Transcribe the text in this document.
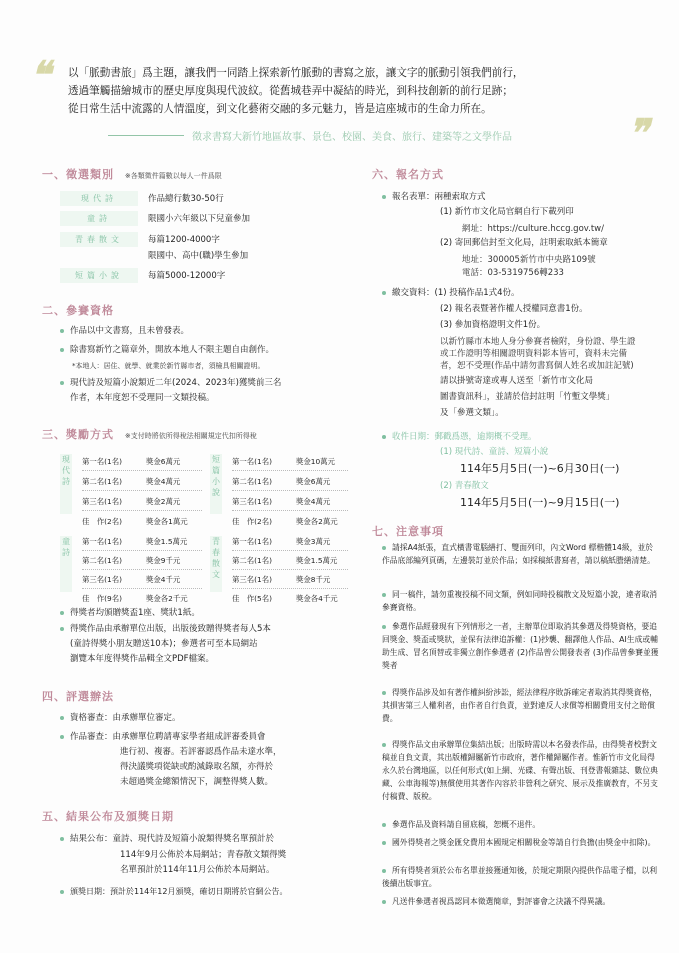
❝
❞
以「脈動書旅」爲主題，讓我們一同踏上探索新竹脈動的書寫之旅，讓文字的脈動引領我們前行，
透過筆觸描繪城市的歷史厚度與現代波紋。從舊城巷弄中凝結的時光，到科技創新的前行足跡；
從日常生活中流露的人情溫度，到文化藝術交融的多元魅力，皆是這座城市的生命力所在。
徵求書寫大新竹地區故事、景色、校園、美食、旅行、建築等之文學作品
一、徵選類別 ※各類徵件篇數以每人一件爲限
現代詩	作品總行數30-50行
童詩	限國小六年級以下兒童參加
青春散文	每篇1200-4000字
限國中、高中(職)學生參加
短篇小說	每篇5000-12000字
二、參賽資格
作品以中文書寫，且未曾發表。
除書寫新竹之篇章外，開放本地人不限主題自由創作。
*本地人：居住、就學、就業於新竹縣市者，須檢具相關證明。
現代詩及短篇小說類近二年(2024、2023年)獲獎前三名
作者，本年度恕不受理同一文類投稿。
三、獎勵方式 ※支付時將依所得稅法相關規定代扣所得稅
現代詩
第一名(1名)	獎金6萬元
第二名(1名)	獎金4萬元
第三名(1名)	獎金2萬元
佳　作(2名)	獎金各1萬元
短篇小說
第一名(1名)	獎金10萬元
第二名(1名)	獎金6萬元
第三名(1名)	獎金4萬元
佳　作(2名)	獎金各2萬元
童詩
第一名(1名)	獎金1.5萬元
第二名(1名)	獎金9千元
第三名(1名)	獎金4千元
佳　作(9名)	獎金各2千元
青春散文
第一名(1名)	獎金3萬元
第二名(1名)	獎金1.5萬元
第三名(1名)	獎金8千元
佳　作(5名)	獎金各4千元
得獎者均頒贈獎盃1座、獎狀1紙。
得獎作品由承辦單位出版，出版後致贈得獎者每人5本
(童詩得獎小朋友贈送10本)；參選者可至本局網站
瀏覽本年度得獎作品輯全文PDF檔案。
四、評選辦法
資格審查：由承辦單位審定。
作品審查：由承辦單位聘請專家學者組成評審委員會
進行初、複審。若評審認爲作品未達水準，
得決議獎項從缺或酌減錄取名額，亦得於
未超過獎金總額情況下，調整得獎人數。
五、結果公布及頒獎日期
結果公布：童詩、現代詩及短篇小說類得獎名單預計於
114年9月公佈於本局網站；青春散文類得獎
名單預計於114年11月公佈於本局網站。
頒獎日期：預計於114年12月頒獎，確切日期將於官網公告。
六、報名方式
報名表單：兩種索取方式
(1) 新竹市文化局官網自行下載列印
網址：https://culture.hccg.gov.tw/
(2) 寄回郵信封至文化局，註明索取紙本簡章
地址：300005新竹市中央路109號
電話：03-5319756轉233
繳交資料：(1) 投稿作品1式4份。
(2) 報名表暨著作權人授權同意書1份。
(3) 參加資格證明文件1份。
以新竹縣市本地人身分參賽者檢附，身份證、學生證
或工作證明等相關證明資料影本皆可，資料未完備
者，恕不受理(作品中請勿書寫個人姓名或加註記號)
請以掛號寄達或專人送至「新竹市文化局
圖書資訊科」，並請於信封註明「竹塹文學獎」
及「參選文類」。
收件日期：郵戳爲憑，逾期概不受理。
(1) 現代詩、童詩、短篇小說
114年5月5日(一)~6月30日(一)
(2) 青春散文
114年5月5日(一)~9月15日(一)
七、注意事項
請採A4紙張，直式橫書電腦繕打、雙面列印，內文Word 標楷體14級，並於作品底部編列頁碼，左邊裝訂並於作品；如採稿紙書寫者，請以稿紙謄繕清楚。
同一稿件，請勿重複投稿不同文類，例如同時投稿散文及短篇小說，違者取消參賽資格。
參選作品經發現有下列情形之一者，主辦單位即取消其參選及得獎資格，要追回獎金、獎盃或獎狀，並保有法律追訴權：(1)抄襲、翻譯他人作品、AI生成或輔助生成、冒名頂替或非獨立創作參選者 (2)作品曾公開發表者 (3)作品曾參賽並獲獎者
得獎作品涉及如有著作權糾紛涉訟，經法律程序敗訴確定者取消其得獎資格，其損害第三人權利者，由作者自行負責，並對違反人求償等相關費用支付之賠償費。
得獎作品文由承辦單位集結出版；出版時需以本名發表作品，由得獎者校對文稿並自負文責，其出版權歸屬新竹市政府，著作權歸屬作者。惟新竹市文化局得永久於台灣地區，以任何形式(如上網、光碟、有聲出版、刊登書報雜誌、數位典藏、公車海報等)無償使用其著作內容於非營利之研究、展示及推廣教育，不另支付稿費、版稅。
參選作品及資料請自留底稿，恕概不退件。
國外得獎者之獎金匯兌費用本國規定相關稅金等請自行負擔(由獎金中扣除)。
所有得獎者須於公布名單並接獲通知後，於規定期限內提供作品電子檔，以利後續出版事宜。
凡送件參選者視爲認同本徵選簡章，對評審會之決議不得異議。
